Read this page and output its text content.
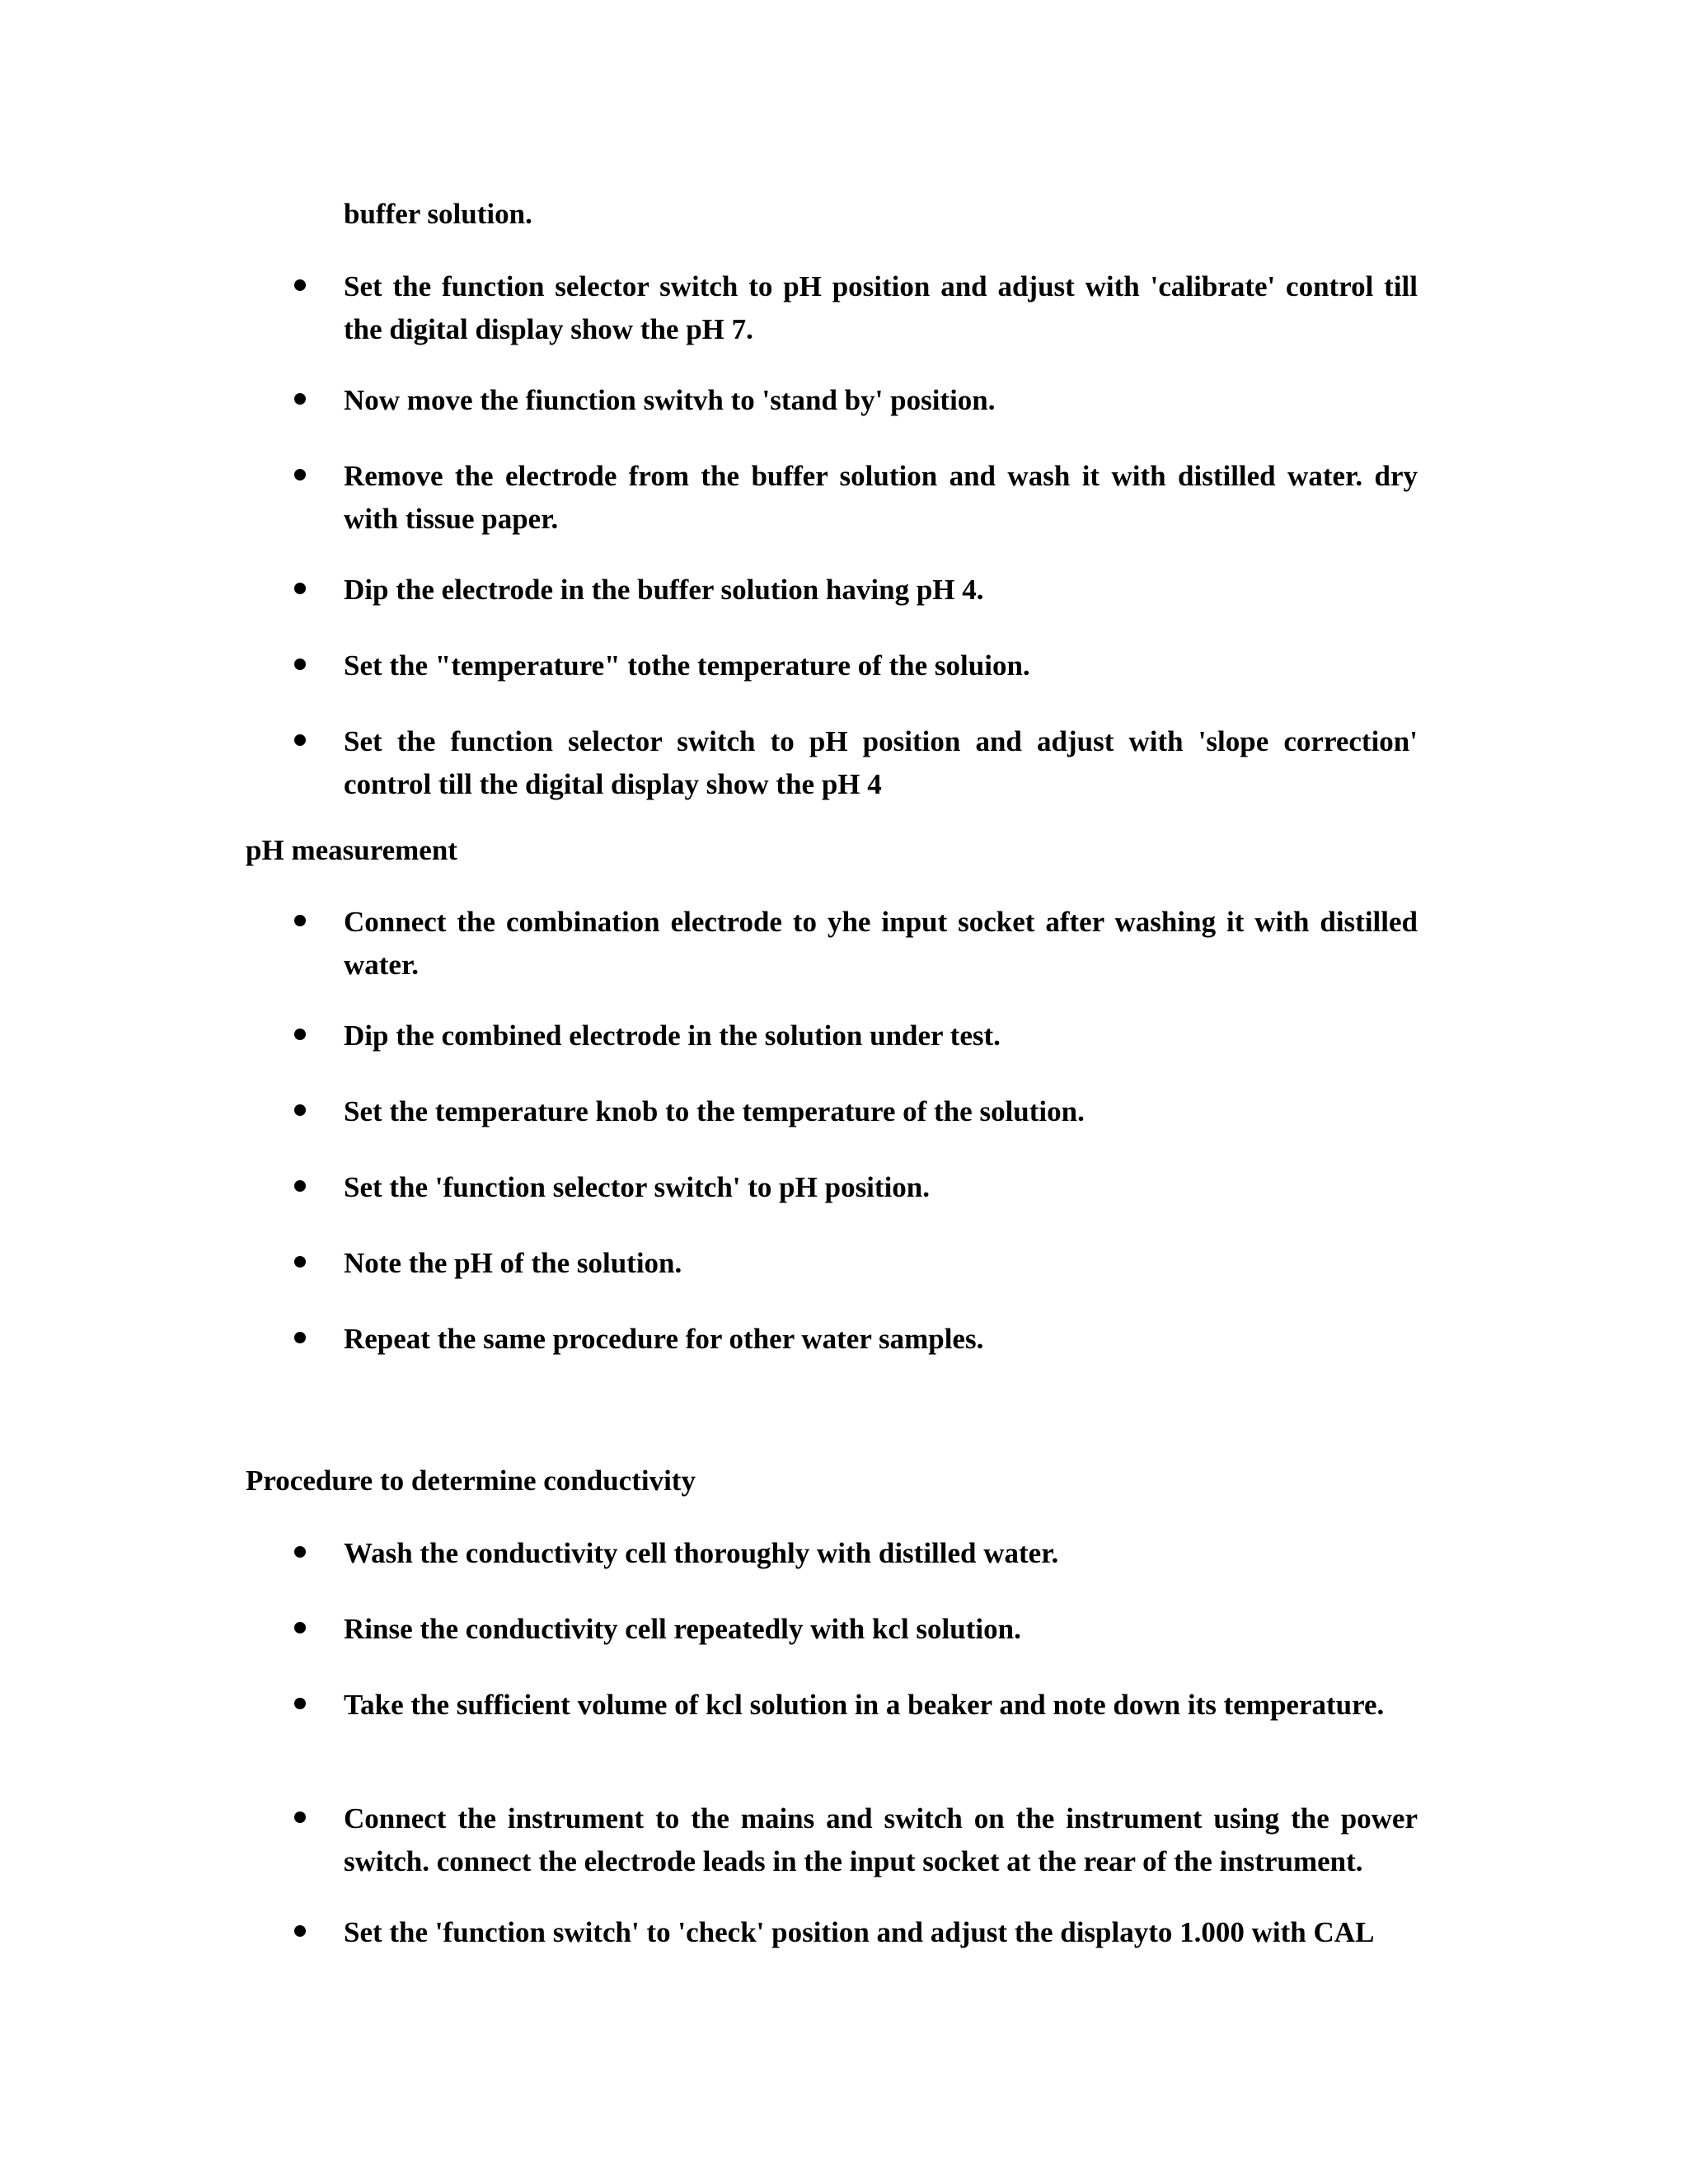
buffer solution.
Set the function selector switch to pH position and adjust with 'calibrate' control till the digital display show the pH 7.
Now move the fiunction switvh to 'stand by' position.
Remove the electrode from the buffer solution and wash it with distilled water. dry with tissue paper.
Dip the electrode in the buffer solution having pH 4.
Set the "temperature" tothe temperature of the soluion.
Set the function selector switch to pH position and adjust with 'slope correction' control till the digital display show the pH 4
pH measurement
Connect the combination electrode to yhe input socket after washing it with distilled water.
Dip the combined electrode in the solution under test.
Set the temperature knob to the temperature of the solution.
Set the 'function selector switch' to pH position.
Note the pH of the solution.
Repeat the same procedure for other water samples.
Procedure to determine conductivity
Wash the conductivity cell thoroughly with distilled water.
Rinse the conductivity cell repeatedly with kcl solution.
Take the sufficient volume of kcl solution in a beaker and note down its temperature.
Connect the instrument to the mains and switch on the instrument using the power switch. connect the electrode leads in the input socket at the rear of the instrument.
Set the 'function switch' to 'check' position and adjust the displayto 1.000 with CAL
